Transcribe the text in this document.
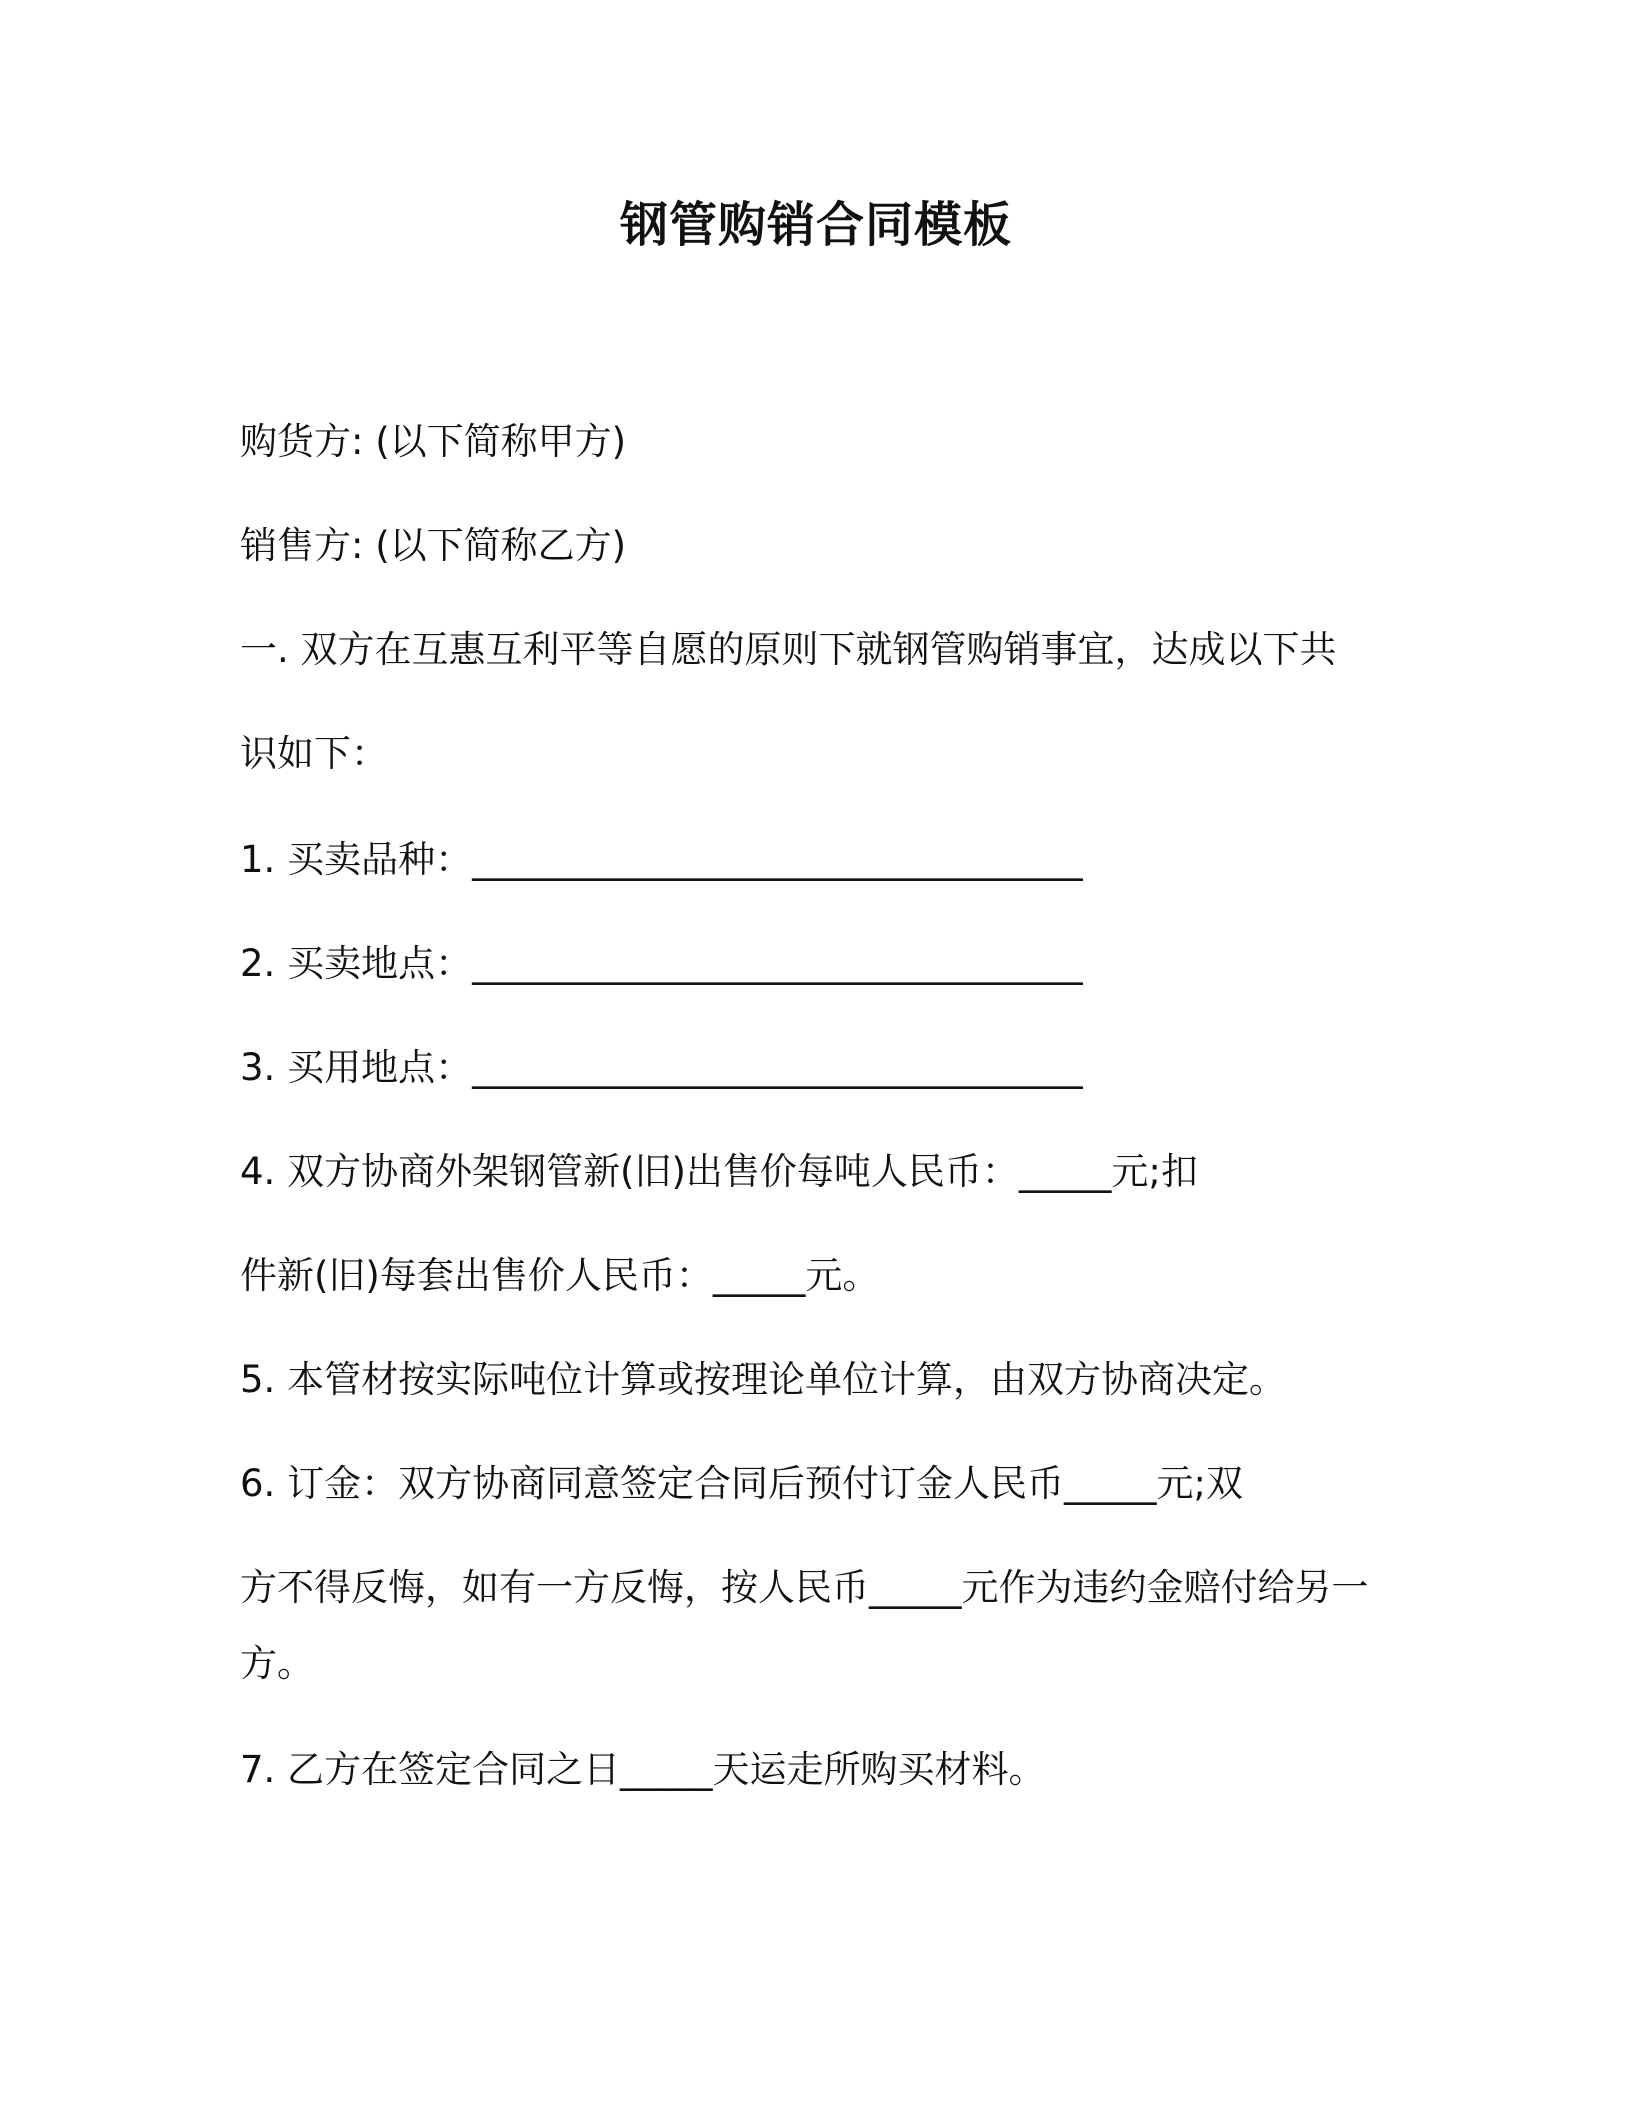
钢管购销合同模板
购货方: (以下简称甲方)
销售方: (以下简称乙方)
一. 双方在互惠互利平等自愿的原则下就钢管购销事宜，达成以下共
识如下：
1. 买卖品种：_________________________________
2. 买卖地点：_________________________________
3. 买用地点：_________________________________
4. 双方协商外架钢管新(旧)出售价每吨人民币：_____元;扣
件新(旧)每套出售价人民币：_____元。
5. 本管材按实际吨位计算或按理论单位计算，由双方协商决定。
6. 订金：双方协商同意签定合同后预付订金人民币_____元;双
方不得反悔，如有一方反悔，按人民币_____元作为违约金赔付给另一
方。
7. 乙方在签定合同之日_____天运走所购买材料。
